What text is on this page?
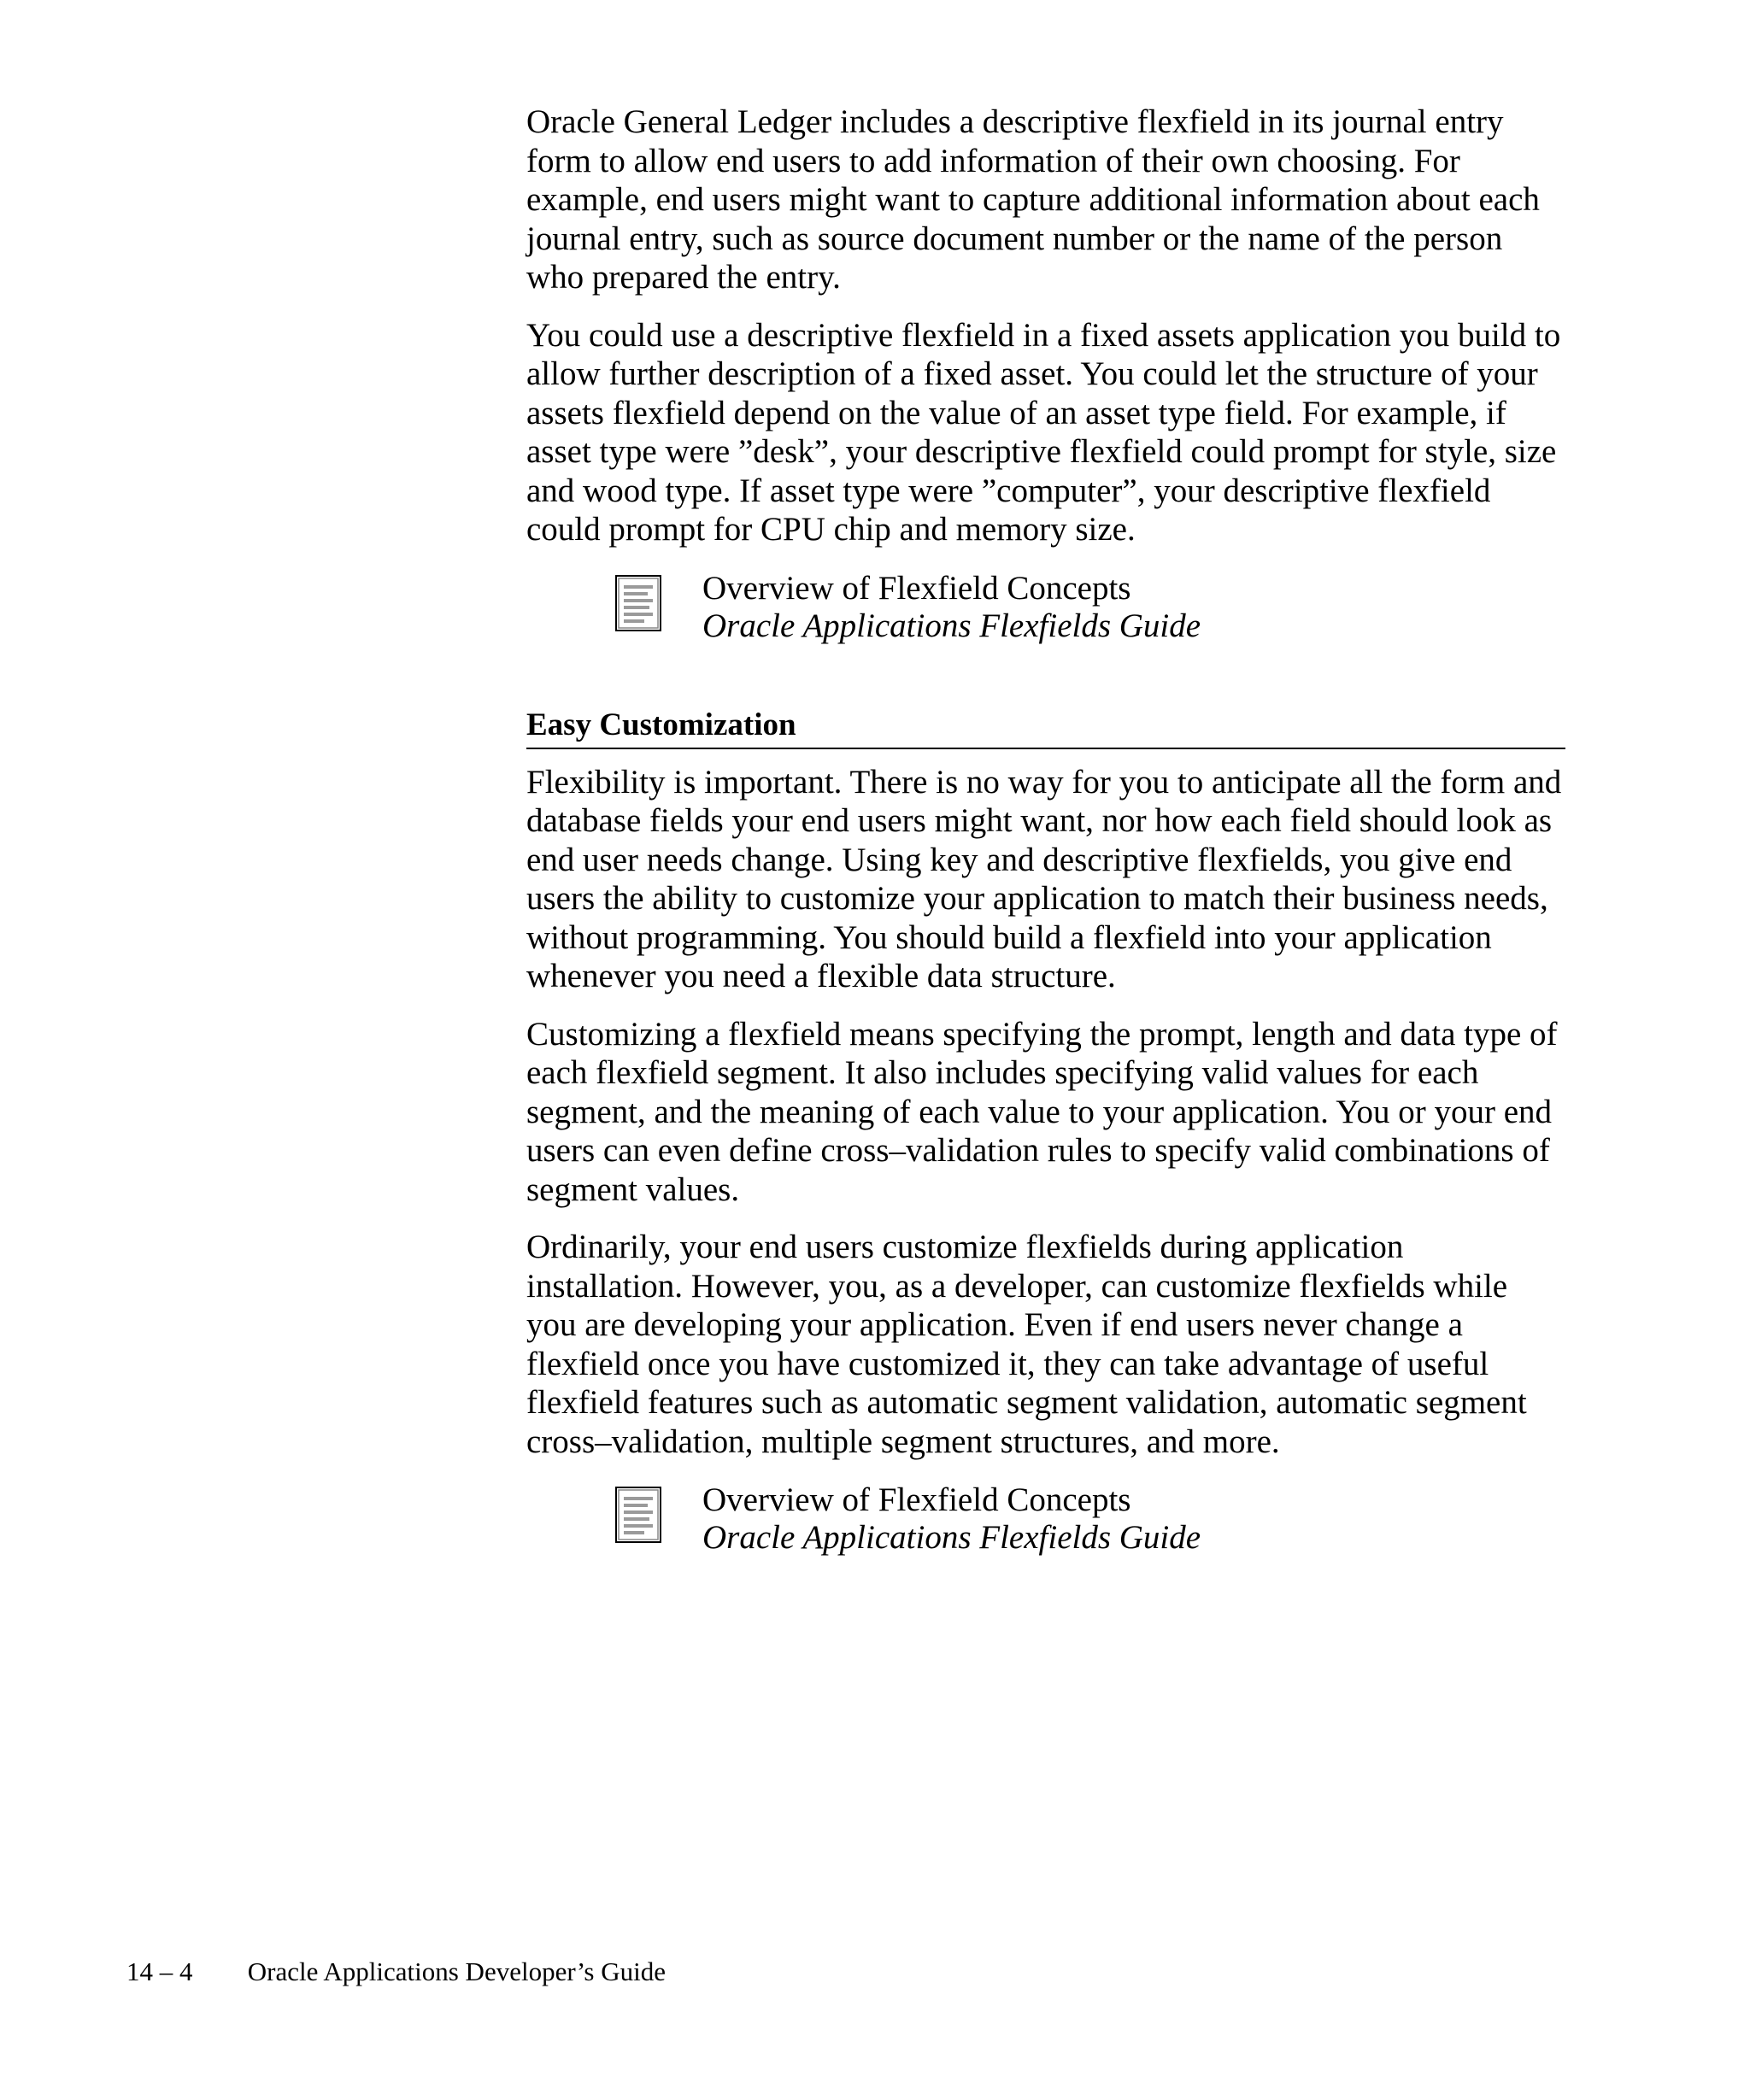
Oracle General Ledger includes a descriptive flexfield in its journal entry form to allow end users to add information of their own choosing. For example, end users might want to capture additional information about each journal entry, such as source document number or the name of the person who prepared the entry.

You could use a descriptive flexfield in a fixed assets application you build to allow further description of a fixed asset. You could let the structure of your assets flexfield depend on the value of an asset type field. For example, if asset type were ”desk”, your descriptive flexfield could prompt for style, size and wood type. If asset type were ”computer”, your descriptive flexfield could prompt for CPU chip and memory size.

Overview of Flexfield Concepts
Oracle Applications Flexfields Guide
Easy Customization

Flexibility is important. There is no way for you to anticipate all the form and database fields your end users might want, nor how each field should look as end user needs change. Using key and descriptive flexfields, you give end users the ability to customize your application to match their business needs, without programming. You should build a flexfield into your application whenever you need a flexible data structure.

Customizing a flexfield means specifying the prompt, length and data type of each flexfield segment. It also includes specifying valid values for each segment, and the meaning of each value to your application. You or your end users can even define cross–validation rules to specify valid combinations of segment values.

Ordinarily, your end users customize flexfields during application installation. However, you, as a developer, can customize flexfields while you are developing your application. Even if end users never change a flexfield once you have customized it, they can take advantage of useful flexfield features such as automatic segment validation, automatic segment cross–validation, multiple segment structures, and more.

Overview of Flexfield Concepts
Oracle Applications Flexfields Guide
14 – 4 Oracle Applications Developer’s Guide
